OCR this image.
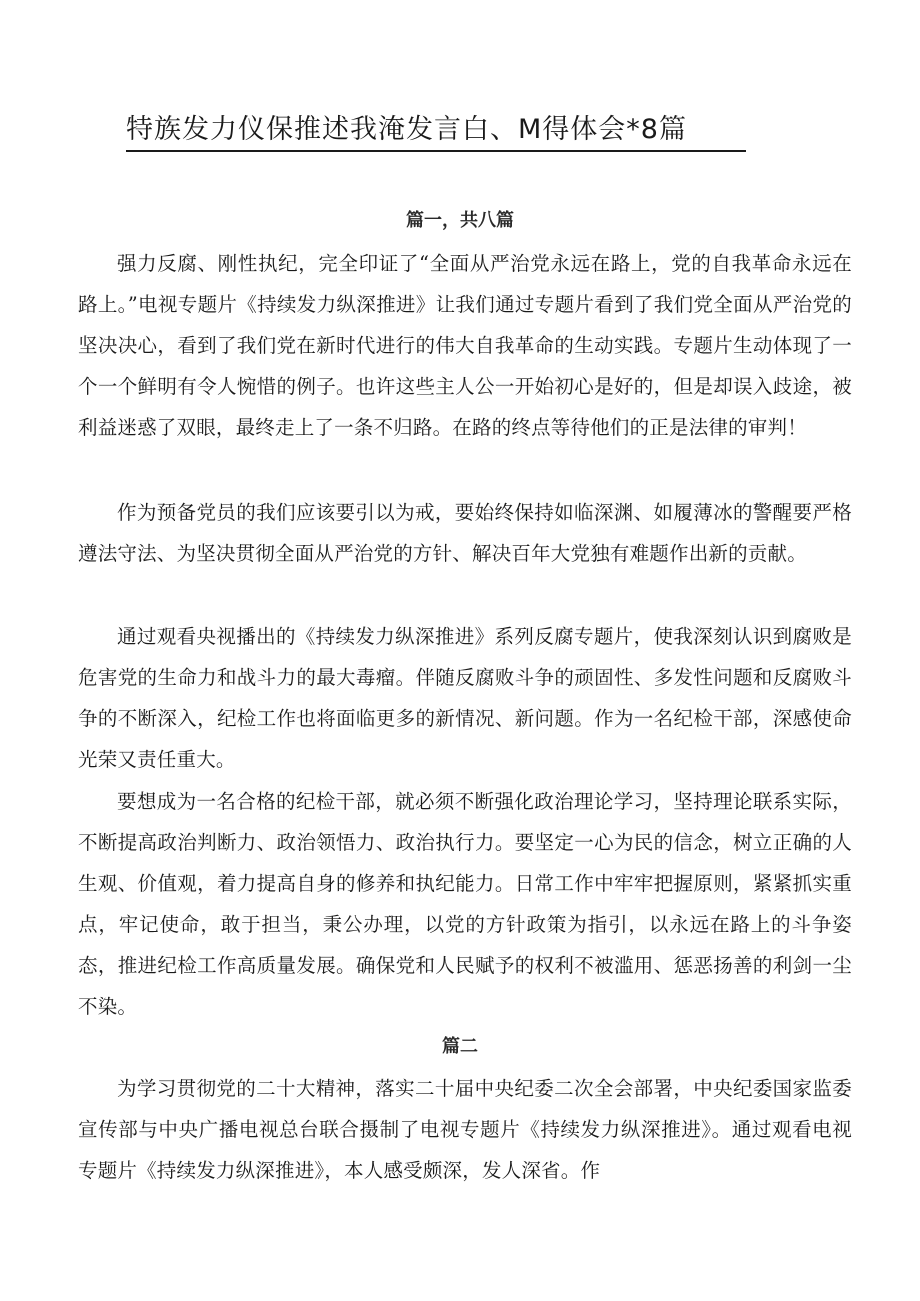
特族发力仪保推述我淹发言白、M得体会*8篇
篇一，共八篇

强力反腐、刚性执纪，完全印证了“全面从严治党永远在路上，党的自我革命永远在路上。”电视专题片《持续发力纵深推进》让我们通过专题片看到了我们党全面从严治党的坚决决心，看到了我们党在新时代进行的伟大自我革命的生动实践。专题片生动体现了一个一个鲜明有令人惋惜的例子。也许这些主人公一开始初心是好的，但是却误入歧途，被利益迷惑了双眼，最终走上了一条不归路。在路的终点等待他们的正是法律的审判！

作为预备党员的我们应该要引以为戒，要始终保持如临深渊、如履薄冰的警醒要严格遵法守法、为坚决贯彻全面从严治党的方针、解决百年大党独有难题作出新的贡献。

通过观看央视播出的《持续发力纵深推进》系列反腐专题片，使我深刻认识到腐败是危害党的生命力和战斗力的最大毒瘤。伴随反腐败斗争的顽固性、多发性问题和反腐败斗争的不断深入，纪检工作也将面临更多的新情况、新问题。作为一名纪检干部，深感使命光荣又责任重大。

要想成为一名合格的纪检干部，就必须不断强化政治理论学习，坚持理论联系实际，不断提高政治判断力、政治领悟力、政治执行力。要坚定一心为民的信念，树立正确的人生观、价值观，着力提高自身的修养和执纪能力。日常工作中牢牢把握原则，紧紧抓实重点，牢记使命，敢于担当，秉公办理，以党的方针政策为指引，以永远在路上的斗争姿态，推进纪检工作高质量发展。确保党和人民赋予的权利不被滥用、惩恶扬善的利剑一尘不染。

篇二

为学习贯彻党的二十大精神，落实二十届中央纪委二次全会部署，中央纪委国家监委宣传部与中央广播电视总台联合摄制了电视专题片《持续发力纵深推进》。通过观看电视专题片《持续发力纵深推进》，本人感受颇深，发人深省。作
